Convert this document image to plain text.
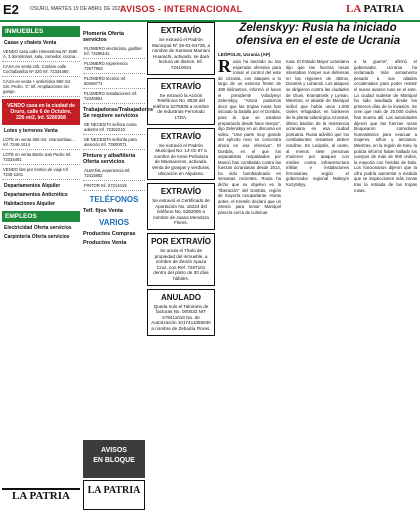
E2 OSURU, MARTES 19 DE ABRIL DE 2022
AVISOS - INTERNACIONAL	LA PATRIA
INMUEBLES
Casas y chalets Venta
VENDO casa calle Hinnestrosa Nº 1580 A, 3 dormitorios, sala, comedor, cocina...
CASA en venta Urb. Conlare calle Cochabamba Nº 320 Inf. 72334490
CASA en venta + anticrético 960 m2. Sin. Pedro. 'C' Inf. Ampliaciones sin garaje.
VENDO casa en la ciudad de Oruro, calle 6 de Octubre, 226 mt2, Inf. 5280368
Lotes y terrenos Venta
LOTE en venta 460 m2, Uraniumbau... Inf. 7246-1014
LOTE en venta Barrio San Pedro Inf. 72334491
VENDO lote por motivo de viaje Inf. 7246-1201
Departamentos Alquiler
Departamentos Anticrético
Habitaciones Alquiler
EMPLEOS
Electricidad Oferta servicios
Carpintería Oferta servicios
LA PATRIA
Plomería Oferta servicios
PLOMERO electricista, gasfiter Inf. 73286141
PLOMERO experiencia 72577963
PLOMERO técnico Inf. 60408771
PLOMERO instalaciones Inf. 72345551
Trabajadoras/Trabajadores Se requiere servicios
SE NECESITA señora cama adentro Inf. 72352210
SE NECESITA señorita para atención Inf. 73800071
Pintura y albañilería Oferta servicios
ALBAÑIL experiencia Inf. 72415882
PINTOR Inf. 67214419
TELÉFONOS
Telf. fijos Venta
VARIOS
Productos Compras
Productos Venta
AVISOS
EN BLOQUE
LA PATRIA
EXTRAVÍO
Se extravió el Padrón Municipal Nº 36-01-64726, a nombre de Santusa Mamani Huarachi, activado, se dará lectura de diarios. Inf. 72410024
EXTRAVÍO
Se extravió la Acción Telefónica No. 8526 del teléfono 5275935 a nombre de Industrias Ferrotodo LTDA.
EXTRAVÍO
Se extravió el Padrón Municipal No. 14-01-67 a nombre de Irene Peñaloza de Mansaneros, activada. Venta de granjas y verduras, ubicación en Alquiana.
EXTRAVÍO
Se extravió el Certificado de Aportación No. 16224 del teléfono No. 5262006 a nombre de Juana Mendoza Flores.
POR EXTRAVÍO
Se anula el Título de propiedad del inmueble, a nombre de Zenón Apaza Cruz, con Ref. 7287101 dentro del plazo de 30 días hábiles.
ANULADO
Queda nulo el Talonario de facturas No. 000033 NIT 578411016 No. de Autorización 1017411056030 a nombre de Zebadía Flores.
Zelenskyy: Rusia ha iniciado ofensiva en el este de Ucrania
LEÓPOLIS, Ucrania (AP)
Rusia ha lanzado su tan esperada ofensiva para tomar el control del este de Ucrania, con ataques a lo largo de un extenso frente de 480 kilómetros, informó el lunes el presidente Volodymyr Zelenskyy. "Ahora podemos decir que las tropas rusas han iniciado la batalla por el Donbás, para la que se estaban preparando desde hace tiempo", dijo Zelenskyy en un discurso en video. "Una parte muy grande del ejército ruso se concentra ahora en esa ofensiva". El Donbás, en el que los separatistas respaldados por Moscú han combatido contra las fuerzas ucranianas desde 2014, ha sido bombardeado en semanas recientes. Rusia ha dicho que su objetivo es la "liberación" del Donbás, región de mayoría rusoparlante. Horas antes, el Kremlin declaró que un intento para tomar Mariúpol parecía cerca de culminar.
rusa. El Estado Mayor ucraniano dijo que las fuerzas rusas intentaban romper sus defensas en las regiones de Járkov, Donetsk y Luhansk. Los ataques se dirigieron contra las ciudades de Izium, Kramatorsk y Lyman. Mientras, el alcalde de Mariúpol indicó que había unos 1.000 civiles refugiados en búnkeres de la planta siderúrgica Azovstal, último bastión de la resistencia ucraniana en esa ciudad portuaria. Rusia advirtió que los combatientes restantes deben rendirse. En Leópolis, al oeste, al menos siete personas murieron por ataques con misiles contra infraestructura militar e instalaciones ferroviarias, según el gobernador regional Maksym Kozytskyy.
a la guerra", afirmó el gobernador. Ucrania ha reclamado más armamento pesado a sus aliados occidentales para poder resistir el nuevo avance ruso en el este. La ciudad sudeste de Mariúpol ha sido asediada desde los primeros días de la invasión. Se cree que más de 20.000 civiles han muerto allí. Las autoridades dijeron que las fuerzas rusas bloquearon corredores humanitarios para evacuar a mujeres, niños y ancianos. Mientras, en la región de Kiev, la policía informó haber hallado los cuerpos de más de 900 civiles, la mayoría con heridas de bala. Los funcionarios dijeron que la cifra podría aumentar a medida que se inspeccionen más zonas tras la retirada de las tropas rusas.
